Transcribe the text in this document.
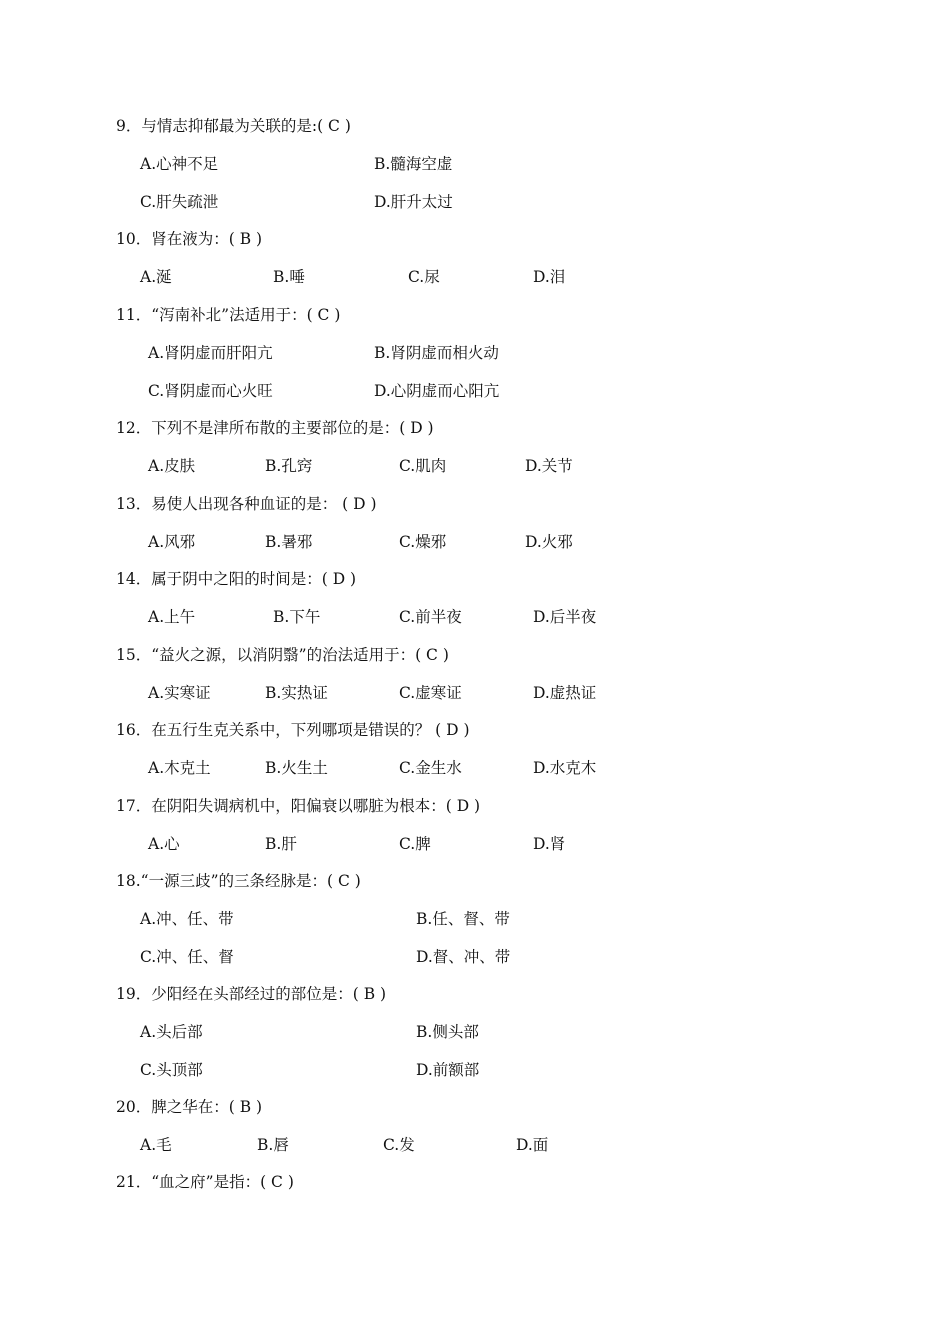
9．与情志抑郁最为关联的是:( C )
A.心神不足	B.髓海空虚
C.肝失疏泄	D.肝升太过
10．肾在液为：( B )
A.涎	B.唾	C.尿	D.泪
11．“泻南补北”法适用于：( C )
A.肾阴虚而肝阳亢	B.肾阴虚而相火动
C.肾阴虚而心火旺	D.心阴虚而心阳亢
12．下列不是津所布散的主要部位的是：( D )
A.皮肤	B.孔窍	C.肌肉	D.关节
13．易使人出现各种血证的是： ( D )
A.风邪	B.暑邪	C.燥邪	D.火邪
14．属于阴中之阳的时间是：( D )
A.上午	B.下午	C.前半夜	D.后半夜
15．“益火之源，以消阴翳”的治法适用于：( C )
A.实寒证	B.实热证	C.虚寒证	D.虚热证
16．在五行生克关系中，下列哪项是错误的？ ( D )
A.木克土	B.火生土	C.金生水	D.水克木
17．在阴阳失调病机中，阳偏衰以哪脏为根本：( D )
A.心	B.肝	C.脾	D.肾
18.“一源三歧”的三条经脉是：( C )
A.冲、任、带	B.任、督、带
C.冲、任、督	D.督、冲、带
19．少阳经在头部经过的部位是：( B )
A.头后部	B.侧头部
C.头顶部	D.前额部
20．脾之华在：( B )
A.毛	B.唇	C.发	D.面
21．“血之府”是指：( C )
